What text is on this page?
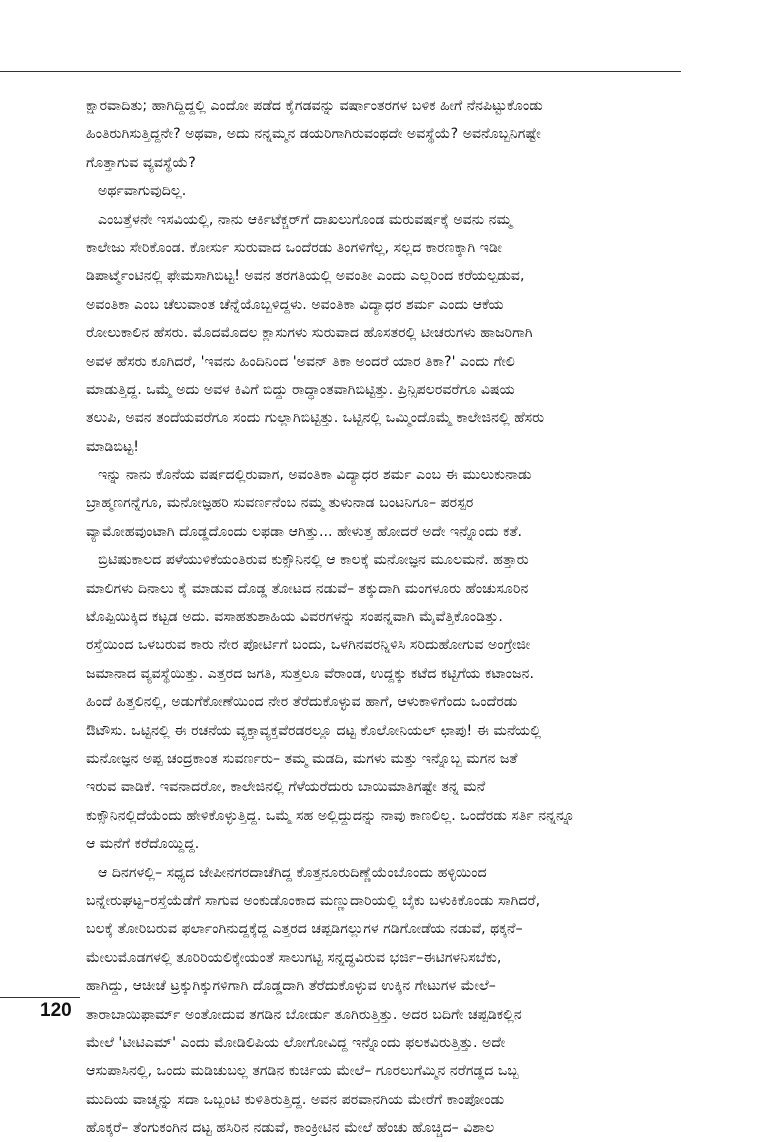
ಕ್ಷಾರವಾದಿತು; ಹಾಗಿದ್ದಿದ್ದಲ್ಲಿ ಎಂದೋ ಪಡೆದ ಕೈಗಡವನ್ನು ವರ್ಷಾಂತರಗಳ ಬಳಿಕ ಹೀಗೆ ನೆನಪಿಟ್ಟುಕೊಂಡು
ಹಿಂತಿರುಗಿಸುತ್ತಿದ್ದನೇ? ಅಥವಾ, ಅದು ನನ್ನಮ್ಮನ ಡಯರಿಗಾಗಿರುವಂಥದೇ ಅವಸ್ಥೆಯೆ? ಅವನೊಬ್ಬನಿಗಷ್ಟೇ
ಗೊತ್ತಾಗುವ ವ್ಯವಸ್ಥೆಯೆ?
ಅರ್ಥವಾಗುವುದಿಲ್ಲ.
ಎಂಬತ್ತೆಳನೇ ಇಸವಿಯಲ್ಲಿ, ನಾನು ಆರ್ಕಿಟೆಕ್ಚರ್‌ಗೆ ದಾಖಲುಗೊಂಡ ಮರುವರ್ಷಕ್ಕೆ ಅವನು ನಮ್ಮ
ಕಾಲೇಜು ಸೇರಿಕೊಂಡ. ಕೋರ್ಸು ಸುರುವಾದ ಒಂದೆರಡು ತಿಂಗಳಿಗೆಲ್ಲ, ಸಲ್ಲದ ಕಾರಣಕ್ಕಾಗಿ ಇಡೀ
ಡಿಪಾರ್ಟ್ಮೆಂಟಿನಲ್ಲಿ ಫೇಮಸಾಗಿಬಿಟ್ಟ! ಅವನ ತರಗತಿಯಲ್ಲಿ ಅವಂತೀ ಎಂದು ಎಲ್ಲರಿಂದ ಕರೆಯಲ್ಪಡುವ,
ಅವಂತಿಕಾ ಎಂಬ ಚೆಲುವಾಂತ ಚೆನ್ನೆಯೊಬ್ಬಳಿದ್ದಳು. ಅವಂತಿಕಾ ವಿದ್ಯಾಧರ ಶರ್ಮ ಎಂದು ಆಕೆಯ
ರೋಲುಕಾಲಿನ ಹೆಸರು. ಮೊದಮೊದಲ ಕ್ಲಾಸುಗಳು ಸುರುವಾದ ಹೊಸತರಲ್ಲಿ ಟೀಚರುಗಳು ಹಾಜರಿಗಾಗಿ
ಅವಳ ಹೆಸರು ಕೂಗಿದರೆ, 'ಇವನು ಹಿಂದಿನಿಂದ 'ಅವನ್ ತಿಕಾ ಅಂದರೆ ಯಾರ ತಿಕಾ?' ಎಂದು ಗೇಲಿ
ಮಾಡುತ್ತಿದ್ದ. ಒಮ್ಮೆ ಅದು ಅವಳ ಕಿವಿಗೆ ಬಿದ್ದು ರಾದ್ಧಾಂತವಾಗಿಬಿಟ್ಟಿತ್ತು. ಪ್ರಿನ್ಸಿಪಲರವರೆಗೂ ವಿಷಯ
ತಲುಪಿ, ಅವನ ತಂದೆಯವರೆಗೂ ಸಂದು ಗುಲ್ಲಾಗಿಬಿಟ್ಟಿತ್ತು. ಒಟ್ಟಿನಲ್ಲಿ ಒಮ್ಮಿಂದೊಮ್ಮೆ ಕಾಲೇಜಿನಲ್ಲಿ ಹೆಸರು
ಮಾಡಿಬಿಟ್ಟ!
ಇನ್ನು ನಾನು ಕೊನೆಯ ವರ್ಷದಲ್ಲಿರುವಾಗ, ಅವಂತಿಕಾ ವಿದ್ಯಾಧರ ಶರ್ಮ ಎಂಬ ಈ ಮುಲುಕುನಾಡು
ಬ್ರಾಹ್ಮಣಗನ್ನೆಗೂ, ಮನೋಜ್ಞಹರಿ ಸುವರ್ಣನೆಂಬ ನಮ್ಮ ತುಳುನಾಡ ಬಂಟನಿಗೂ– ಪರಸ್ಪರ
ವ್ಯಾಮೋಹವುಂಟಾಗಿ ದೊಡ್ಡದೊಂದು ಲಫಡಾ ಆಗಿತ್ತು... ಹೇಳುತ್ತ ಹೋದರೆ ಅದೇ ಇನ್ನೊಂದು ಕತೆ.
ಬ್ರಿಟಿಷುಕಾಲದ ಪಳೆಯುಳಿಕೆಯಂತಿರುವ ಕುಕ್ಸೌನಿನಲ್ಲಿ ಆ ಕಾಲಕ್ಕೆ ಮನೋಜ್ಞನ ಮೂಲಮನೆ. ಹತ್ತಾರು
ಮಾಲಿಗಳು ದಿನಾಲು ಕೈ ಮಾಡುವ ದೊಡ್ಡ ತೋಟದ ನಡುವೆ– ತಕ್ಕುದಾಗಿ ಮಂಗಳೂರು ಹೆಂಚುಸೂರಿನ
ಟೊಪ್ಪಿಯಿಕ್ಕಿದ ಕಟ್ಟಡ ಅದು. ವಸಾಹತುಶಾಹಿಯ ವಿವರಗಳನ್ನು ಸಂಪನ್ನವಾಗಿ ಮೈವೆತ್ತಿಕೊಂಡಿತ್ತು.
ರಸ್ತೆಯಿಂದ ಒಳಬರುವ ಕಾರು ನೇರ ಪೋರ್ಟಿಗೆ ಬಂದು, ಒಳಗಿನವರನ್ನಿಳಿಸಿ ಸರಿದುಹೋಗುವ ಅಂಗ್ರೇಜೀ
ಜಮಾನಾದ ವ್ಯವಸ್ಥೆಯಿತ್ತು. ಎತ್ತರದ ಜಗತಿ, ಸುತ್ತಲೂ ವೆರಾಂಡ, ಉದ್ದಕ್ಕು ಕಟೆದ ಕಟ್ಟಿಗೆಯ ಕಟಾಂಜನ.
ಹಿಂದೆ ಹಿತ್ತಲಿನಲ್ಲಿ, ಅಡುಗೆಕೋಣೆಯಿಂದ ನೇರ ತೆರೆದುಕೊಳ್ಳುವ ಹಾಗೆ, ಆಳುಕಾಳಿಗೆಂದು ಒಂದೆರಡು
ಔಟೌಸು. ಒಟ್ಟಿನಲ್ಲಿ ಈ ರಚನೆಯ ವ್ಯಕ್ತಾವ್ಯಕ್ತವೆರಡರಲ್ಲೂ ದಟ್ಟ ಕೊಲೋನಿಯಲ್ ಛಾಪು! ಈ ಮನೆಯಲ್ಲಿ
ಮನೋಜ್ಞನ ಅಪ್ಪ ಚಂದ್ರಕಾಂತ ಸುವರ್ಣರು– ತಮ್ಮ ಮಡದಿ, ಮಗಳು ಮತ್ತು ಇನ್ನೊಬ್ಬ ಮಗನ ಜತೆ
ಇರುವ ವಾಡಿಕೆ. ಇವನಾದರೋ, ಕಾಲೇಜಿನಲ್ಲಿ ಗೆಳೆಯರೆದುರು ಬಾಯಿಮಾತಿಗಷ್ಟೇ ತನ್ನ ಮನೆ
ಕುಕ್ಸೌನಿನಲ್ಲಿದೆಯೆಂದು ಹೇಳಿಕೊಳ್ಳುತ್ತಿದ್ದ. ಒಮ್ಮೆ ಸಹ ಅಲ್ಲಿದ್ದುದನ್ನು ನಾವು ಕಾಣಲಿಲ್ಲ. ಒಂದೆರಡು ಸರ್ತಿ ನನ್ನನ್ನೂ
ಆ ಮನೆಗೆ ಕರೆದೊಯ್ದಿದ್ದ.
ಆ ದಿನಗಳಲ್ಲಿ– ಸಧ್ಯದ ಜೇಪೀನಗರದಾಚೆಗಿದ್ದ ಕೊತ್ತನೂರುದಿಣ್ಣೆಯೆಂಬೊಂದು ಹಳ್ಳಿಯಿಂದ
ಬನ್ನೇರುಘಟ್ಟ–ರಸ್ತೆಯೆಡೆಗೆ ಸಾಗುವ ಅಂಕುಡೊಂಕಾದ ಮಣ್ಣುದಾರಿಯಲ್ಲಿ ಬೈಕು ಬಳುಕಿಕೊಂಡು ಸಾಗಿದರೆ,
ಬಲಕ್ಕೆ ತೋರಿಬರುವ ಫರ್ಲಾಂಗಿನುದ್ದಕ್ಕೆದ್ದ ಎತ್ತರದ ಚಪ್ಪಡಿಗಲ್ಲುಗಳ ಗಡಿಗೋಡೆಯ ನಡುವೆ, ಥಕ್ಕನೆ–
ಮೇಲುಮೊಡಗಳಲ್ಲಿ ತೂರಿರಿಯಲಿಕ್ಕೇಯಂತೆ ಸಾಲುಗಟ್ಟಿ ಸನ್ನದ್ಧವಿರುವ ಭರ್ಜಿ–ಈಟಿಗಳನಿಸಬೆಕು,
ಹಾಗಿದ್ದು, ಆಚೀಚೆ ಟ್ರಕ್ಕುಗಿಕ್ಕುಗಳಿಗಾಗಿ ದೊಡ್ಡದಾಗಿ ತೆರೆದುಕೊಳ್ಳುವ ಉಕ್ಕಿನ ಗೇಟುಗಳ ಮೇಲೆ–
ತಾರಾಬಾಯಿಫಾರ್ಮ್ ಅಂತೋದುವ ತಗಡಿನ ಬೋರ್ಡು ತೂಗಿರುತ್ತಿತ್ತು. ಅದರ ಬದಿಗೇ ಚಪ್ಪಡಿಕಲ್ಲಿನ
ಮೇಲೆ 'ಟೀಟಿಎಮ್' ಎಂದು ಮೋಡಿಲಿಪಿಯ ಲೋಗೋವಿದ್ದ ಇನ್ನೊಂದು ಫಲಕವಿರುತ್ತಿತ್ತು. ಅದೇ
ಆಸುಪಾಸಿನಲ್ಲಿ, ಒಂದು ಮಡಿಚುಬಲ್ಲ ತಗಡಿನ ಕುರ್ಚಿಯ ಮೇಲೆ– ಗೂರಲುಗೆಮ್ಮಿನ ನರೆಗಡ್ಡದ ಒಬ್ಬ
ಮುದಿಯ ವಾಚ್ಮನ್ನು ಸದಾ ಒಬ್ಬಂಟಿ ಕುಳಿತಿರುತ್ತಿದ್ದ. ಅವನ ಪರವಾನಗಿಯ ಮೇರೆಗೆ ಕಾಂಪೋಂಡು
ಹೊಕ್ಕರೆ– ತೆಂಗುಕಂಗಿನ ದಟ್ಟ ಹಸಿರಿನ ನಡುವೆ, ಕಾಂಕ್ರೀಟಿನ ಮೇಲೆ ಹೆಂಚು ಹೊಚ್ಚಿದ– ವಿಶಾಲ
120
